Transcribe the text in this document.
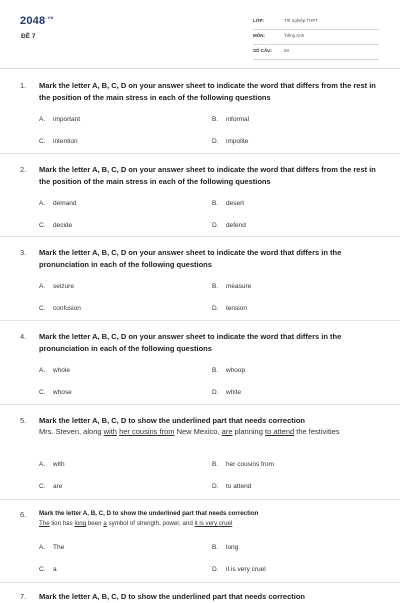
$2048^{.VN}$
ĐỀ 7
LỚP:	Tốt nghiệp THPT
MÔN:	Tiếng Anh
SỐ CÂU:	50
1. Mark the letter A, B, C, D on your answer sheet to indicate the word that differs from the rest in the position of the main stress in each of the following questions
A. important	B. informal
C. intention	D. impolite
2. Mark the letter A, B, C, D on your answer sheet to indicate the word that differs from the rest in the position of the main stress in each of the following questions
A. demand	B. desert
C. decide	D. defend
3. Mark the letter A, B, C, D on your answer sheet to indicate the word that differs in the pronunciation in each of the following questions
A. seizure	B. measure
C. confusion	D. tension
4. Mark the letter A, B, C, D on your answer sheet to indicate the word that differs in the pronunciation in each of the following questions
A. whole	B. whoop
C. whose	D. white
5. Mark the letter A, B, C, D to show the underlined part that needs correction
Mrs. Steven, along with her cousins from New Mexico, are planning to attend the festivities
A. with	B. her cousins from
C. are	D. to attend
6. Mark the letter A, B, C, D to show the underlined part that needs correction
The lion has long been a symbol of strength, power, and it is very cruel
A. The	B. long
C. a	D. it is very cruel
7. Mark the letter A, B, C, D to show the underlined part that needs correction
